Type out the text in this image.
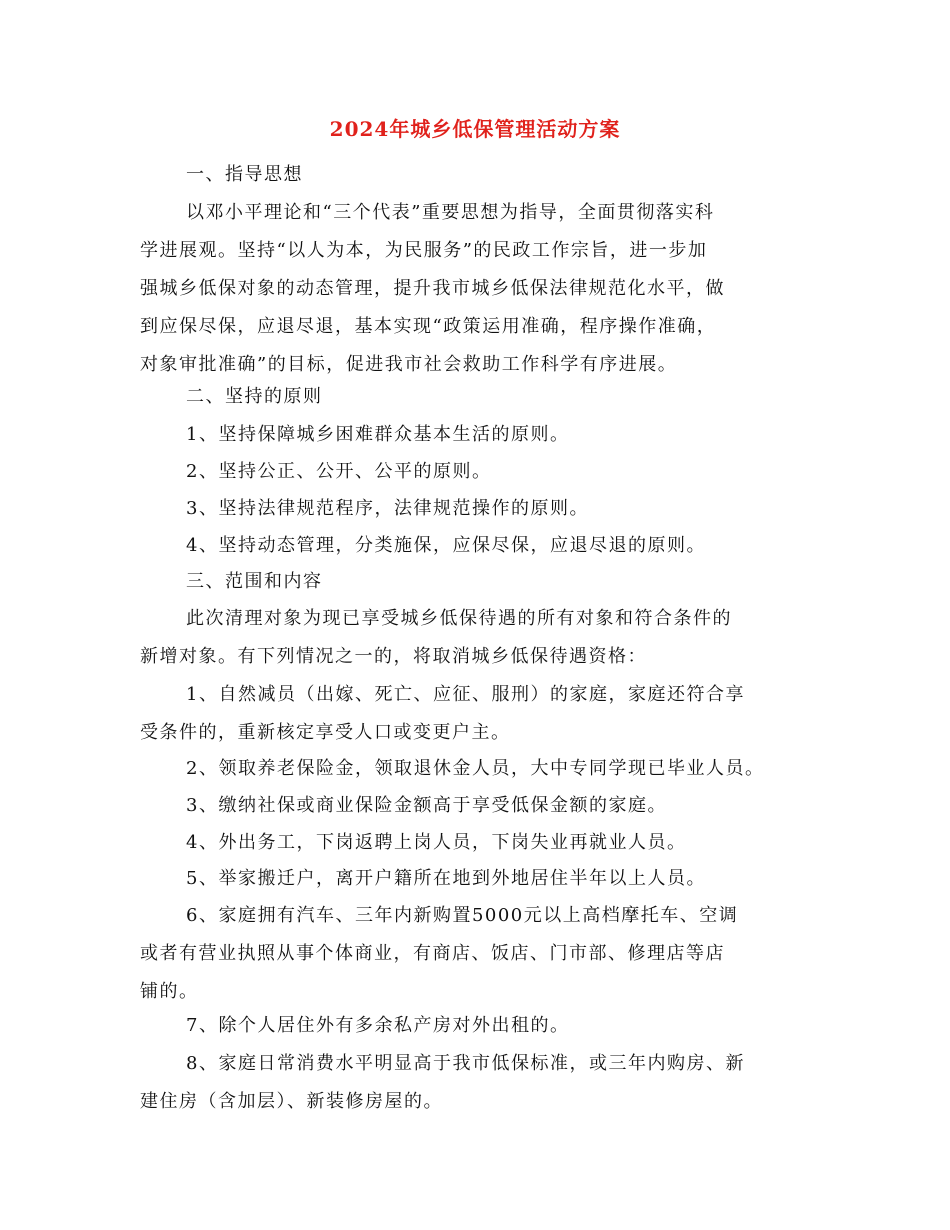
2024年城乡低保管理活动方案
一、指导思想
以邓小平理论和“三个代表”重要思想为指导，全面贯彻落实科
学进展观。坚持“以人为本，为民服务”的民政工作宗旨，进一步加
强城乡低保对象的动态管理，提升我市城乡低保法律规范化水平，做
到应保尽保，应退尽退，基本实现“政策运用准确，程序操作准确，
对象审批准确”的目标，促进我市社会救助工作科学有序进展。
二、坚持的原则
1、坚持保障城乡困难群众基本生活的原则。
2、坚持公正、公开、公平的原则。
3、坚持法律规范程序，法律规范操作的原则。
4、坚持动态管理，分类施保，应保尽保，应退尽退的原则。
三、范围和内容
此次清理对象为现已享受城乡低保待遇的所有对象和符合条件的
新增对象。有下列情况之一的，将取消城乡低保待遇资格：
1、自然减员（出嫁、死亡、应征、服刑）的家庭，家庭还符合享
受条件的，重新核定享受人口或变更户主。
2、领取养老保险金，领取退休金人员，大中专同学现已毕业人员。
3、缴纳社保或商业保险金额高于享受低保金额的家庭。
4、外出务工，下岗返聘上岗人员，下岗失业再就业人员。
5、举家搬迁户，离开户籍所在地到外地居住半年以上人员。
6、家庭拥有汽车、三年内新购置5000元以上高档摩托车、空调
或者有营业执照从事个体商业，有商店、饭店、门市部、修理店等店
铺的。
7、除个人居住外有多余私产房对外出租的。
8、家庭日常消费水平明显高于我市低保标准，或三年内购房、新
建住房（含加层）、新装修房屋的。
